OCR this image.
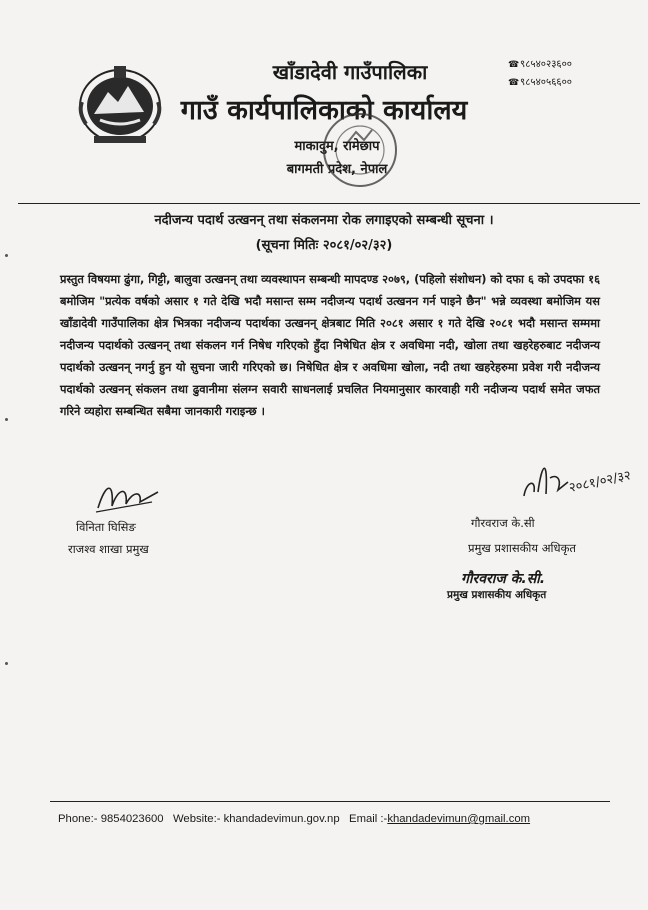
खाँडादेवी गाउँपालिका
गाउँ कार्यपालिकाको कार्यालय
माकादुम, रामेछाप
बागमती प्रदेश, नेपाल
☎९८५४०२३६००
☎९८५४०५६६००
नदीजन्य पदार्थ उत्खनन् तथा संकलनमा रोक लगाइएको सम्बन्धी सूचना ।
(सूचना मितिः २०८१/०२/३२)
प्रस्तुत विषयमा ढुंगा, गिट्टी, बालुवा उत्खनन् तथा व्यवस्थापन सम्बन्धी मापदण्ड २०७९, (पहिलो संशोधन) को दफा ६ को उपदफा १६ बमोजिम "प्रत्येक वर्षको असार १ गते देखि भदौ मसान्त सम्म नदीजन्य पदार्थ उत्खनन गर्न पाइने छैन" भन्ने व्यवस्था बमोजिम यस खाँडादेवी गाउँपालिका क्षेत्र भित्रका नदीजन्य पदार्थका उत्खनन् क्षेत्रबाट मिति २०८१ असार १ गते देखि २०८१ भदौ मसान्त सम्ममा नदीजन्य पदार्थको उत्खनन् तथा संकलन गर्न निषेध गरिएको हुँदा निषेधित क्षेत्र र अवधिमा नदी, खोला तथा खहरेहरुबाट नदीजन्य पदार्थको उत्खनन् नगर्नु हुन यो सुचना जारी गरिएको छ। निषेधित क्षेत्र र अवधिमा खोला, नदी तथा खहरेहरुमा प्रवेश गरी नदीजन्य पदार्थको उत्खनन् संकलन तथा ढुवानीमा संलग्न सवारी साधनलाई प्रचलित नियमानुसार कारवाही गरी नदीजन्य पदार्थ समेत जफत गरिने व्यहोरा सम्बन्धित सबैमा जानकारी गराइन्छ ।
विनिता घिसिङ
राजश्व शाखा प्रमुख
२०८१/०२/३२
गौरवराज के.सी
प्रमुख प्रशासकीय अधिकृत
गौरवराज के.सी.
प्रमुख प्रशासकीय अधिकृत
Phone:- 9854023600 Website:- khandadevimun.gov.np Email :-khandadevimun@gmail.com
